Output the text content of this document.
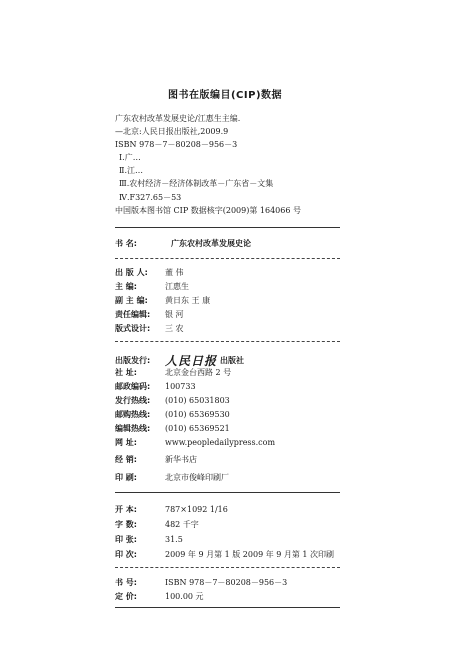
图书在版编目(CIP)数据
广东农村改革发展史论/江惠生主编.
—北京:人民日报出版社,2009.9
ISBN 978－7－80208－956－3
Ⅰ.广…
Ⅱ.江…
Ⅲ.农村经济－经济体制改革－广东省－文集
Ⅳ.F327.65－53
中国版本图书馆 CIP 数据核字(2009)第 164066 号
书 名:	广东农村改革发展史论
出 版 人: 董 伟
主 编:	江惠生
副 主 编: 黄日东 王 康
责任编辑: 银 河
版式设计: 三 农
出版发行: 人民日报 出版社
社 址:	北京金台西路 2 号
邮政编码: 100733
发行热线: (010) 65031803
邮购热线: (010) 65369530
编辑热线: (010) 65369521
网 址:	www.peopledailypress.com
经 销:	新华书店
印 刷:	北京市俊峰印刷厂
开 本:	787×1092 1/16
字 数:	482 千字
印 张:	31.5
印 次:	2009 年 9 月第 1 版 2009 年 9 月第 1 次印刷
书 号:	ISBN 978－7－80208－956－3
定 价:	100.00 元
